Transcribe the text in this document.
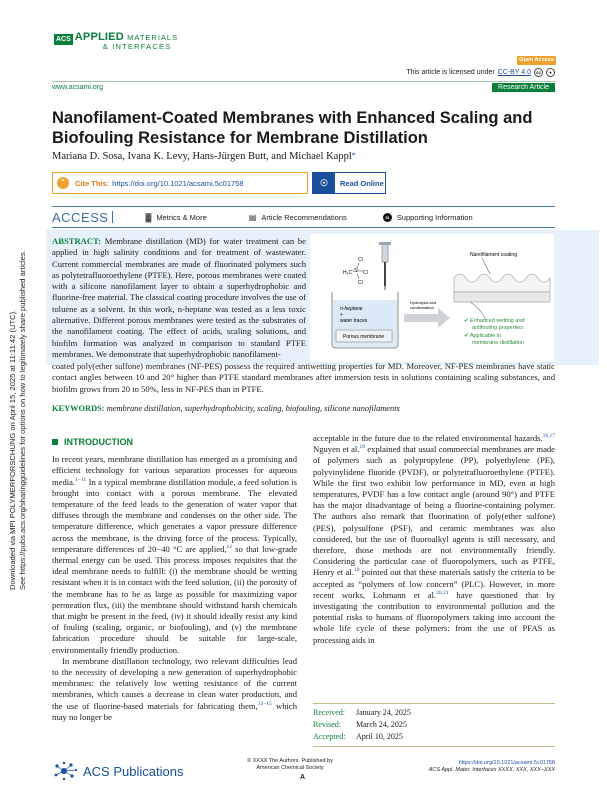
ACS APPLIED MATERIALS
& INTERFACES
Open Access
This article is licensed under CC-BY 4.0	cc	●
www.acsami.org	Research Article
Nanofilament-Coated Membranes with Enhanced Scaling and Biofouling Resistance for Membrane Distillation
Mariana D. Sosa, Ivana K. Levy, Hans-Jürgen Butt, and Michael Kappl*
“	Cite This: https://doi.org/10.1021/acsami.5c01758	☉	Read Online
ACCESS	▓ Metrics & More	▤ Article Recommendations	SI	Supporting Information
ABSTRACT: Membrane distillation (MD) for water treatment can be applied in high salinity conditions and for treatment of wastewater. Current commercial membranes are made of fluorinated polymers such as polytetrafluoroethylene (PTFE). Here, porous membranes were coated with a silicone nanofilament layer to obtain a superhydrophobic and fluorine-free material. The classical coating procedure involves the use of toluene as a solvent. In this work, n-heptane was tested as a less toxic alternative. Different porous membranes were tested as the substrates of the nanofilament coating. The effect of acids, scaling solutions, and biofilm formation was analyzed in comparison to standard PTFE membranes. We demonstrate that superhydrophobic nanofilament-
Cl
Si
H₃C Cl
Cl
n-heptane
+
water traces
Porous membrane
Hydrolysis and
condensation
Nanofilament coating
✔ Enhanced wetting and
antifouling properties
✔ Applicable in
membrane distillation
coated poly(ether sulfone) membranes (NF-PES) possess the required antiwetting properties for MD. Moreover, NF-PES membranes have static contact angles between 10 and 20° higher than PTFE standard membranes after immersion tests in solutions containing scaling substances, and biofilm grows from 20 to 50%, less in NF-PES than in PTFE.
KEYWORDS: membrane distillation, superhydrophobicity, scaling, biofouling, silicone nanofilaments
Downloaded via MPI POLYMERFORSCHUNG on April 15, 2025 at 11:11:42 (UTC). See https://pubs.acs.org/sharingguidelines for options on how to legitimately share published articles.	INTRODUCTION

In recent years, membrane distillation has emerged as a promising and efficient technology for various separation processes for aqueous media.$^{1-11}$ In a typical membrane distillation module, a feed solution is brought into contact with a porous membrane. The elevated temperature of the feed leads to the generation of water vapor that diffuses through the membrane and condenses on the other side. The temperature difference, which generates a vapor pressure difference across the membrane, is the driving force of the process. Typically, temperature differences of 20−40 °C are applied,$^{12}$ so that low-grade thermal energy can be used. This process imposes requisites that the ideal membrane needs to fulfill: (i) the membrane should be wetting resistant when it is in contact with the feed solution, (ii) the porosity of the membrane has to be as large as possible for maximizing vapor permeation flux, (iii) the membrane should withstand harsh chemicals that might be present in the feed, (iv) it should ideally resist any kind of fouling (scaling, organic, or biofouling), and (v) the membrane fabrication procedure should be suitable for large-scale, environmentally friendly production.

In membrane distillation technology, two relevant difficulties lead to the necessity of developing a new generation of superhydrophobic membranes: the relatively low wetting resistance of the current membranes, which causes a decrease in clean water production, and the use of fluorine-based materials for fabricating them,$^{13-15}$ which may no longer be

acceptable in the future due to the related environmental hazards.$^{16,17}$ Nguyen et al.$^{18}$ explained that usual commercial membranes are made of polymers such as polypropylene (PP), polyethylene (PE), polyvinylidene fluoride (PVDF), or polytetrafluoroethylene (PTFE). While the first two exhibit low performance in MD, even at high temperatures, PVDF has a low contact angle (around 90°) and PTFE has the major disadvantage of being a fluorine-containing polymer. The authors also remark that fluorination of poly(ether sulfone) (PES), polysulfone (PSF), and ceramic membranes was also considered, but the use of fluoroalkyl agents is still necessary, and therefore, those methods are not environmentally friendly. Considering the particular case of fluoropolymers, such as PTFE, Henry et al.$^{19}$ pointed out that these materials satisfy the criteria to be accepted as “polymers of low concern” (PLC). However, in more recent works, Lohmann et al.$^{20,21}$ have questioned that by investigating the contribution to environmental pollution and the potential risks to humans of fluoropolymers taking into account the whole life cycle of these polymers: from the use of PFAS as processing aids in

Received:	January 24, 2025
Revised:	March 24, 2025
Accepted:	April 10, 2025
ACS Publications
© XXXX The Authors. Published by
American Chemical Society
A
https://doi.org/10.1021/acsami.5c01758
ACS Appl. Mater. Interfaces XXXX, XXX, XXX−XXX
